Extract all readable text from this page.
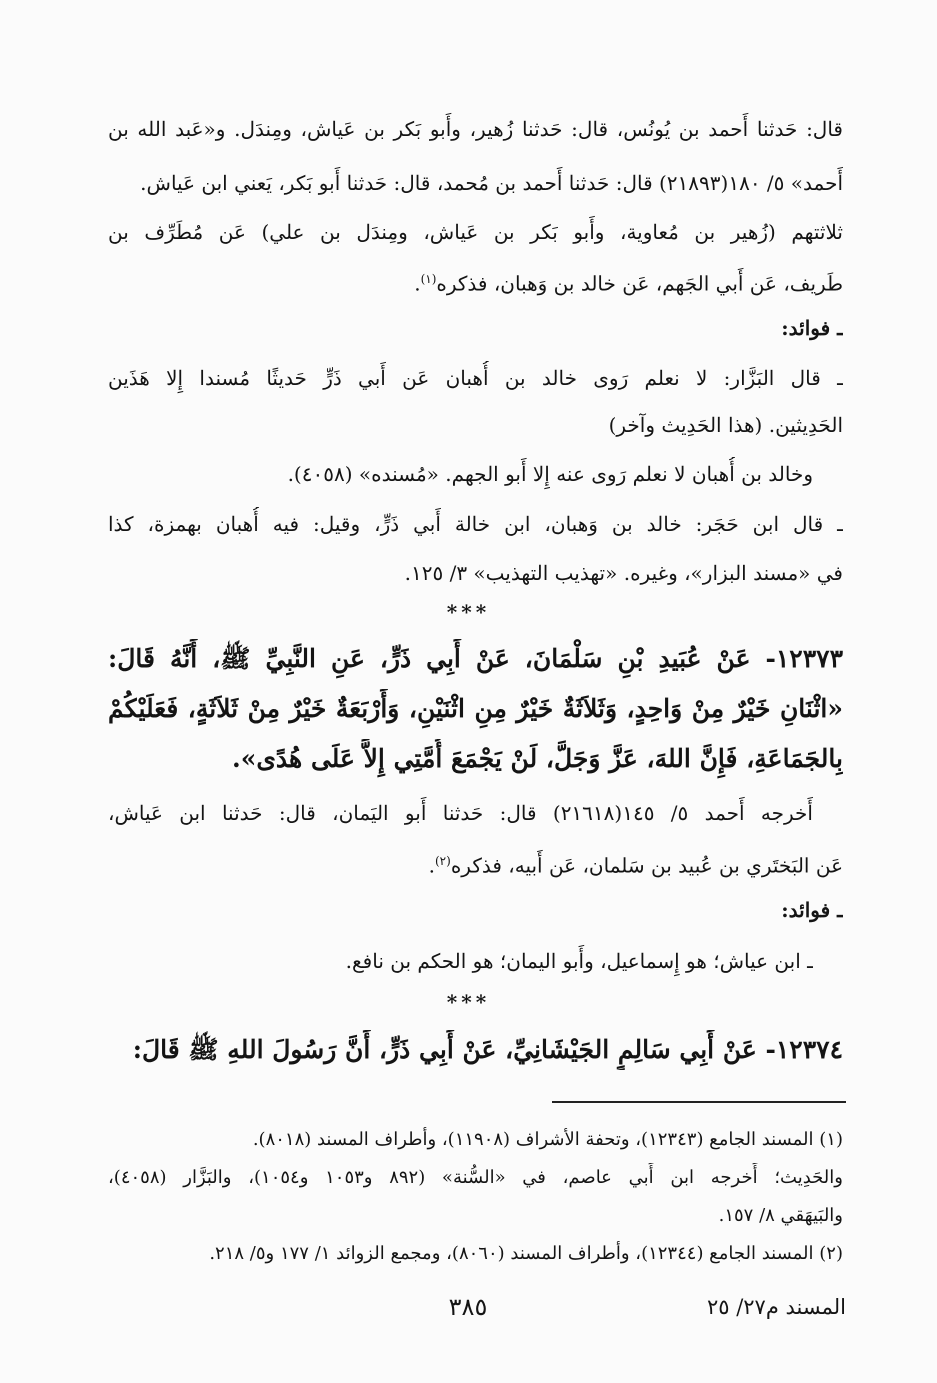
قال: حَدثنا أَحمد بن يُونُس، قال: حَدثنا زُهير، وأَبو بَكر بن عَياش، ومِندَل. و«عَبد الله بن
أَحمد» ٥/ ١٨٠(٢١٨٩٣) قال: حَدثنا أَحمد بن مُحمد، قال: حَدثنا أَبو بَكر، يَعني ابن عَياش.
ثلاثتهم (زُهير بن مُعاوية، وأَبو بَكر بن عَياش، ومِندَل بن علي) عَن مُطَرِّف بن
طَريف، عَن أَبي الجَهم، عَن خالد بن وَهبان، فذكره$^{(١)}$.
ـ فوائد:
ـ قال البَزَّار: لا نعلم رَوى خالد بن أُهبان عَن أَبي ذَرٍّ حَديثًا مُسندا إِلا هَذَين
الحَدِيثين. (هذا الحَدِيث وآخر)
وخالد بن أُهبان لا نعلم رَوى عنه إِلا أَبو الجهم. «مُسنده» (٤٠٥٨).
ـ قال ابن حَجَر: خالد بن وَهبان، ابن خالة أَبي ذَرٍّ، وقيل: فيه أُهبان بهمزة، كذا
في «مسند البزار»، وغيره. «تهذيب التهذيب» ٣/ ١٢٥.
***
١٢٣٧٣- عَنْ عُبَيدِ بْنِ سَلْمَانَ، عَنْ أَبِي ذَرٍّ، عَنِ النَّبِيِّ ﷺ، أَنَّهُ قَالَ:
«اثْنَانِ خَيْرٌ مِنْ وَاحِدٍ، وَثَلاَثَةٌ خَيْرٌ مِنِ اثْنَيْنِ، وَأَرْبَعَةٌ خَيْرٌ مِنْ ثَلاَثَةٍ، فَعَلَيْكُمْ
بِالجَمَاعَةِ، فَإِنَّ اللهَ، عَزَّ وَجَلَّ، لَنْ يَجْمَعَ أُمَّتِي إِلاَّ عَلَى هُدًى».
أَخرجه أَحمد ٥/ ١٤٥(٢١٦١٨) قال: حَدثنا أَبو اليَمان، قال: حَدثنا ابن عَياش،
عَن البَختَري بن عُبيد بن سَلمان، عَن أَبيه، فذكره$^{(٢)}$.
ـ فوائد:
ـ ابن عياش؛ هو إِسماعيل، وأَبو اليمان؛ هو الحكم بن نافع.
***
١٢٣٧٤- عَنْ أَبِي سَالِمٍ الجَيْشَانِيِّ، عَنْ أَبِي ذَرٍّ، أَنَّ رَسُولَ اللهِ ﷺ قَالَ:
(١) المسند الجامع (١٢٣٤٣)، وتحفة الأشراف (١١٩٠٨)، وأطراف المسند (٨٠١٨).
والحَدِيث؛ أَخرجه ابن أَبي عاصم، في «السُّنة» (٨٩٢ و١٠٥٣ و١٠٥٤)، والبَزَّار (٤٠٥٨)،
والبَيهَقي ٨/ ١٥٧.
(٢) المسند الجامع (١٢٣٤٤)، وأطراف المسند (٨٠٦٠)، ومجمع الزوائد ١/ ١٧٧ و٥/ ٢١٨.
المسند م٢٧/ ٢٥
٣٨٥
